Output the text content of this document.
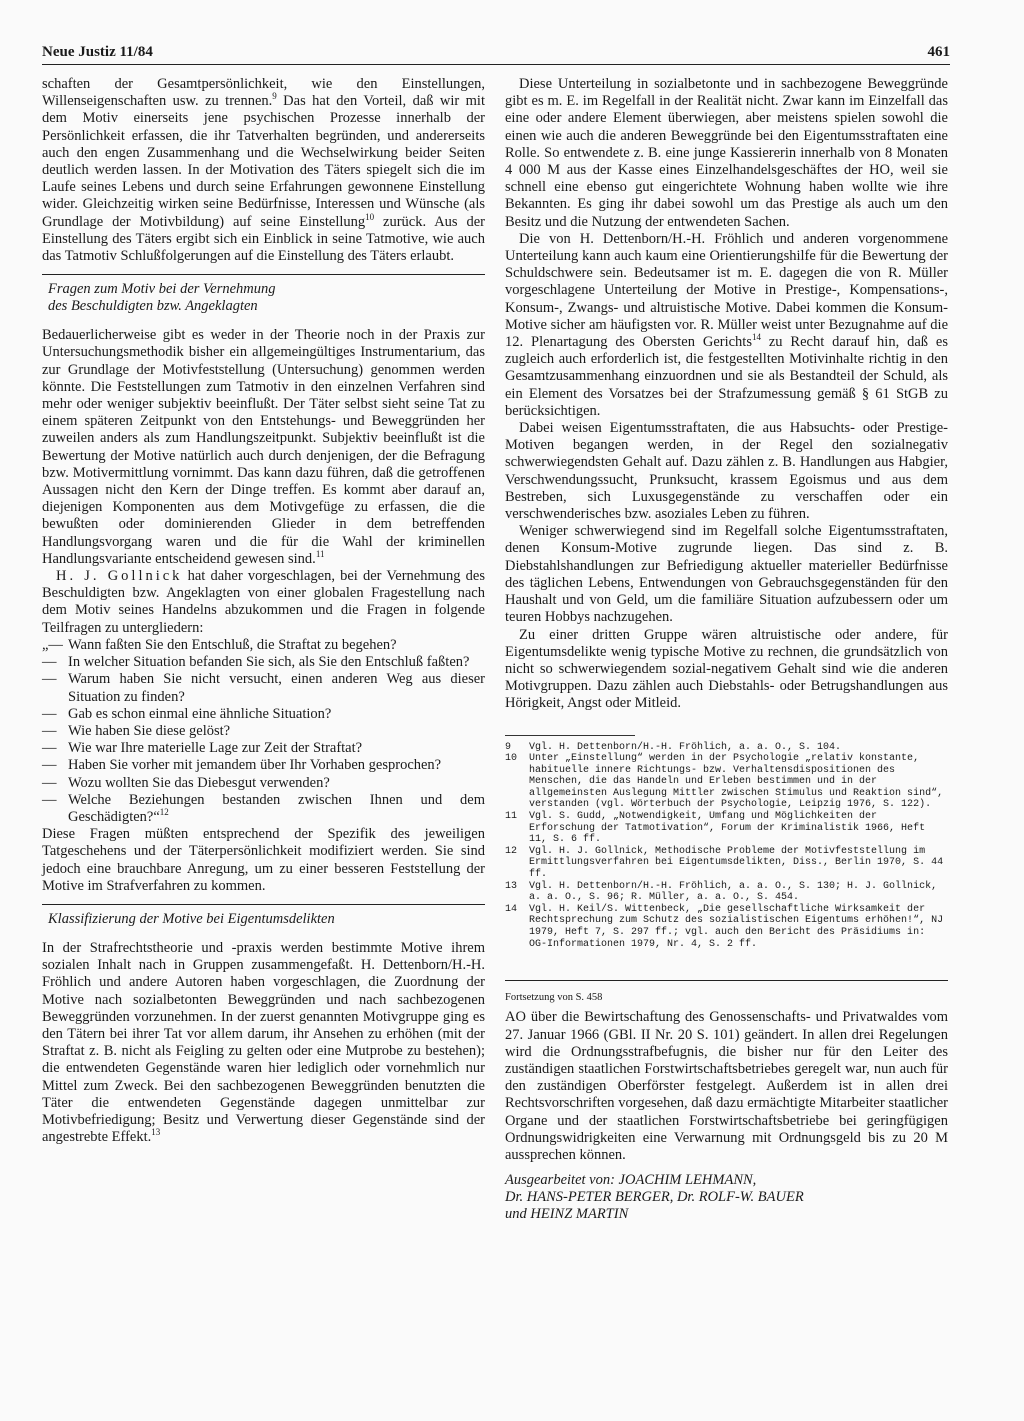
Neue Justiz 11/84	461

schaften der Gesamtpersönlichkeit, wie den Einstellungen, Willenseigenschaften usw. zu trennen.$^9$ Das hat den Vorteil, daß wir mit dem Motiv einerseits jene psychischen Prozesse innerhalb der Persönlichkeit erfassen, die ihr Tatverhalten begründen, und andererseits auch den engen Zusammenhang und die Wechselwirkung beider Seiten deutlich werden lassen. In der Motivation des Täters spiegelt sich die im Laufe seines Lebens und durch seine Erfahrungen gewonnene Einstellung wider. Gleichzeitig wirken seine Bedürfnisse, Interessen und Wünsche (als Grundlage der Motivbildung) auf seine Einstellung$^{10}$ zurück. Aus der Einstellung des Täters ergibt sich ein Einblick in seine Tatmotive, wie auch das Tatmotiv Schlußfolgerungen auf die Einstellung des Täters erlaubt.

Fragen zum Motiv bei der Vernehmung
des Beschuldigten bzw. Angeklagten

Bedauerlicherweise gibt es weder in der Theorie noch in der Praxis zur Untersuchungsmethodik bisher ein allgemeingültiges Instrumentarium, das zur Grundlage der Motivfeststellung (Untersuchung) genommen werden könnte. Die Feststellungen zum Tatmotiv in den einzelnen Verfahren sind mehr oder weniger subjektiv beeinflußt. Der Täter selbst sieht seine Tat zu einem späteren Zeitpunkt von den Entstehungs- und Beweggründen her zuweilen anders als zum Handlungszeitpunkt. Subjektiv beeinflußt ist die Bewertung der Motive natürlich auch durch denjenigen, der die Befragung bzw. Motivermittlung vornimmt. Das kann dazu führen, daß die getroffenen Aussagen nicht den Kern der Dinge treffen. Es kommt aber darauf an, diejenigen Komponenten aus dem Motivgefüge zu erfassen, die die bewußten oder dominierenden Glieder in dem betreffenden Handlungsvorgang waren und die für die Wahl der kriminellen Handlungsvariante entscheidend gewesen sind.$^{11}$

H. J. Gollnick hat daher vorgeschlagen, bei der Vernehmung des Beschuldigten bzw. Angeklagten von einer globalen Fragestellung nach dem Motiv seines Handelns abzukommen und die Fragen in folgende Teilfragen zu untergliedern:

„— Wann faßten Sie den Entschluß, die Straftat zu begehen?
— In welcher Situation befanden Sie sich, als Sie den Entschluß faßten?
— Warum haben Sie nicht versucht, einen anderen Weg aus dieser Situation zu finden?
— Gab es schon einmal eine ähnliche Situation?
— Wie haben Sie diese gelöst?
— Wie war Ihre materielle Lage zur Zeit der Straftat?
— Haben Sie vorher mit jemandem über Ihr Vorhaben gesprochen?
— Wozu wollten Sie das Diebesgut verwenden?
— Welche Beziehungen bestanden zwischen Ihnen und dem Geschädigten?“$^{12}$

Diese Fragen müßten entsprechend der Spezifik des jeweiligen Tatgeschehens und der Täterpersönlichkeit modifiziert werden. Sie sind jedoch eine brauchbare Anregung, um zu einer besseren Feststellung der Motive im Strafverfahren zu kommen.

Klassifizierung der Motive bei Eigentumsdelikten

In der Strafrechtstheorie und -praxis werden bestimmte Motive ihrem sozialen Inhalt nach in Gruppen zusammengefaßt. H. Dettenborn/H.-H. Fröhlich und andere Autoren haben vorgeschlagen, die Zuordnung der Motive nach sozialbetonten Beweggründen und nach sachbezogenen Beweggründen vorzunehmen. In der zuerst genannten Motivgruppe ging es den Tätern bei ihrer Tat vor allem darum, ihr Ansehen zu erhöhen (mit der Straftat z. B. nicht als Feigling zu gelten oder eine Mutprobe zu bestehen); die entwendeten Gegenstände waren hier lediglich oder vornehmlich nur Mittel zum Zweck. Bei den sachbezogenen Beweggründen benutzten die Täter die entwendeten Gegenstände dagegen unmittelbar zur Motivbefriedigung; Besitz und Verwertung dieser Gegenstände sind der angestrebte Effekt.$^{13}$

Diese Unterteilung in sozialbetonte und in sachbezogene Beweggründe gibt es m. E. im Regelfall in der Realität nicht. Zwar kann im Einzelfall das eine oder andere Element überwiegen, aber meistens spielen sowohl die einen wie auch die anderen Beweggründe bei den Eigentumsstraftaten eine Rolle. So entwendete z. B. eine junge Kassiererin innerhalb von 8 Monaten 4 000 M aus der Kasse eines Einzelhandelsgeschäftes der HO, weil sie schnell eine ebenso gut eingerichtete Wohnung haben wollte wie ihre Bekannten. Es ging ihr dabei sowohl um das Prestige als auch um den Besitz und die Nutzung der entwendeten Sachen.

Die von H. Dettenborn/H.-H. Fröhlich und anderen vorgenommene Unterteilung kann auch kaum eine Orientierungshilfe für die Bewertung der Schuldschwere sein. Bedeutsamer ist m. E. dagegen die von R. Müller vorgeschlagene Unterteilung der Motive in Prestige-, Kompensations-, Konsum-, Zwangs- und altruistische Motive. Dabei kommen die Konsum-Motive sicher am häufigsten vor. R. Müller weist unter Bezugnahme auf die 12. Plenartagung des Obersten Gerichts$^{14}$ zu Recht darauf hin, daß es zugleich auch erforderlich ist, die festgestellten Motivinhalte richtig in den Gesamtzusammenhang einzuordnen und sie als Bestandteil der Schuld, als ein Element des Vorsatzes bei der Strafzumessung gemäß § 61 StGB zu berücksichtigen.

Dabei weisen Eigentumsstraftaten, die aus Habsuchts- oder Prestige-Motiven begangen werden, in der Regel den sozialnegativ schwerwiegendsten Gehalt auf. Dazu zählen z. B. Handlungen aus Habgier, Verschwendungssucht, Prunksucht, krassem Egoismus und aus dem Bestreben, sich Luxusgegenstände zu verschaffen oder ein verschwenderisches bzw. asoziales Leben zu führen.

Weniger schwerwiegend sind im Regelfall solche Eigentumsstraftaten, denen Konsum-Motive zugrunde liegen. Das sind z. B. Diebstahlshandlungen zur Befriedigung aktueller materieller Bedürfnisse des täglichen Lebens, Entwendungen von Gebrauchsgegenständen für den Haushalt und von Geld, um die familiäre Situation aufzubessern oder um teuren Hobbys nachzugehen.

Zu einer dritten Gruppe wären altruistische oder andere, für Eigentumsdelikte wenig typische Motive zu rechnen, die grundsätzlich von nicht so schwerwiegendem sozial-negativem Gehalt sind wie die anderen Motivgruppen. Dazu zählen auch Diebstahls- oder Betrugshandlungen aus Hörigkeit, Angst oder Mitleid.

9	Vgl. H. Dettenborn/H.-H. Fröhlich, a. a. O., S. 104.
10	Unter „Einstellung“ werden in der Psychologie „relativ konstante, habituelle innere Richtungs- bzw. Verhaltensdispositionen des Menschen, die das Handeln und Erleben bestimmen und in der allgemeinsten Auslegung Mittler zwischen Stimulus und Reaktion sind“, verstanden (vgl. Wörterbuch der Psychologie, Leipzig 1976, S. 122).
11	Vgl. S. Gudd, „Notwendigkeit, Umfang und Möglichkeiten der Erforschung der Tatmotivation“, Forum der Kriminalistik 1966, Heft 11, S. 6 ff.
12	Vgl. H. J. Gollnick, Methodische Probleme der Motivfeststellung im Ermittlungsverfahren bei Eigentumsdelikten, Diss., Berlin 1970, S. 44 ff.
13	Vgl. H. Dettenborn/H.-H. Fröhlich, a. a. O., S. 130; H. J. Gollnick, a. a. O., S. 96; R. Müller, a. a. O., S. 454.
14	Vgl. H. Keil/S. Wittenbeck, „Die gesellschaftliche Wirksamkeit der Rechtsprechung zum Schutz des sozialistischen Eigentums erhöhen!“, NJ 1979, Heft 7, S. 297 ff.; vgl. auch den Bericht des Präsidiums in: OG-Informationen 1979, Nr. 4, S. 2 ff.
Fortsetzung von S. 458

AO über die Bewirtschaftung des Genossenschafts- und Privatwaldes vom 27. Januar 1966 (GBl. II Nr. 20 S. 101) geändert. In allen drei Regelungen wird die Ordnungsstrafbefugnis, die bisher nur für den Leiter des zuständigen staatlichen Forstwirtschaftsbetriebes geregelt war, nun auch für den zuständigen Oberförster festgelegt. Außerdem ist in allen drei Rechtsvorschriften vorgesehen, daß dazu ermächtigte Mitarbeiter staatlicher Organe und der staatlichen Forstwirtschaftsbetriebe bei geringfügigen Ordnungswidrigkeiten eine Verwarnung mit Ordnungsgeld bis zu 20 M aussprechen können.

Ausgearbeitet von: JOACHIM LEHMANN,
Dr. HANS-PETER BERGER, Dr. ROLF-W. BAUER
und HEINZ MARTIN
